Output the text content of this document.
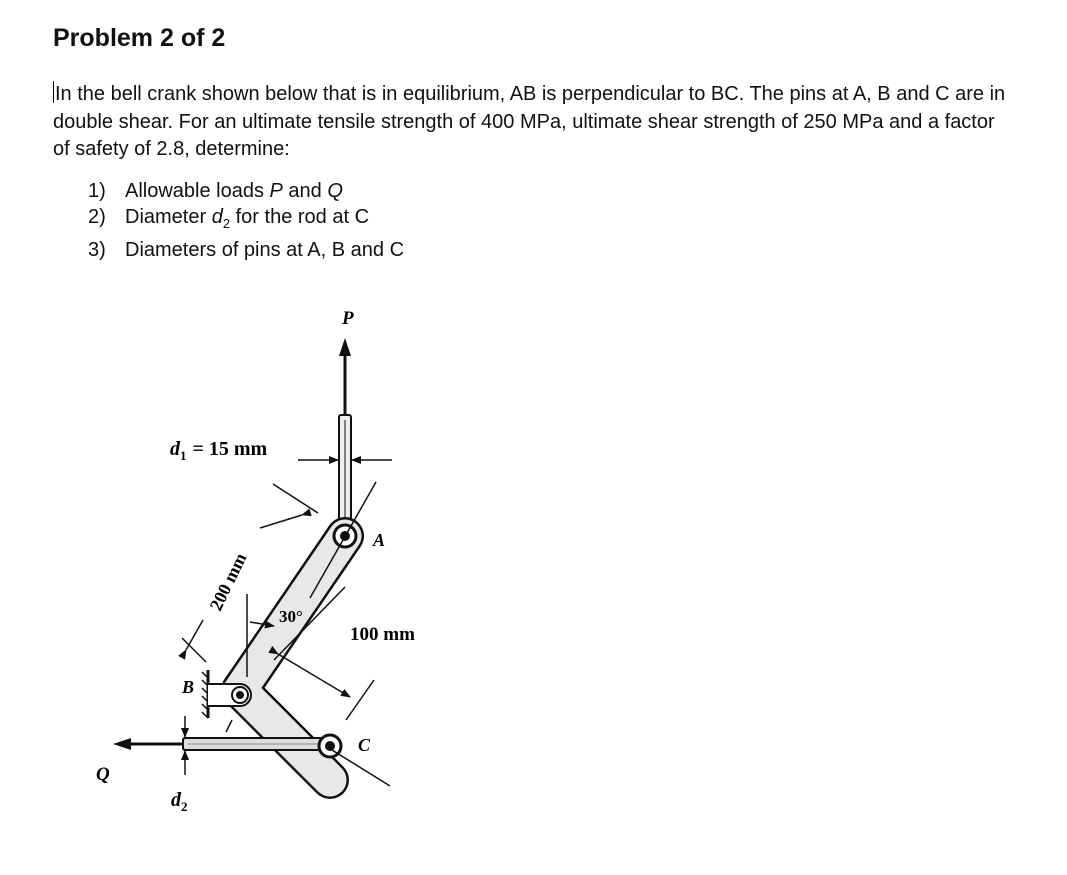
Problem 2 of 2

In the bell crank shown below that is in equilibrium, AB is perpendicular to BC. The pins at A, B and C are in double shear. For an ultimate tensile strength of 400 MPa, ultimate shear strength of 250 MPa and a factor of safety of 2.8, determine:

1) Allowable loads P and Q
2) Diameter $d_2$ for the rod at C
3) Diameters of pins at A, B and C
P
Q
A
B
C
$d_1 = 15$ mm
$d_2$
200 mm
100 mm
30°
